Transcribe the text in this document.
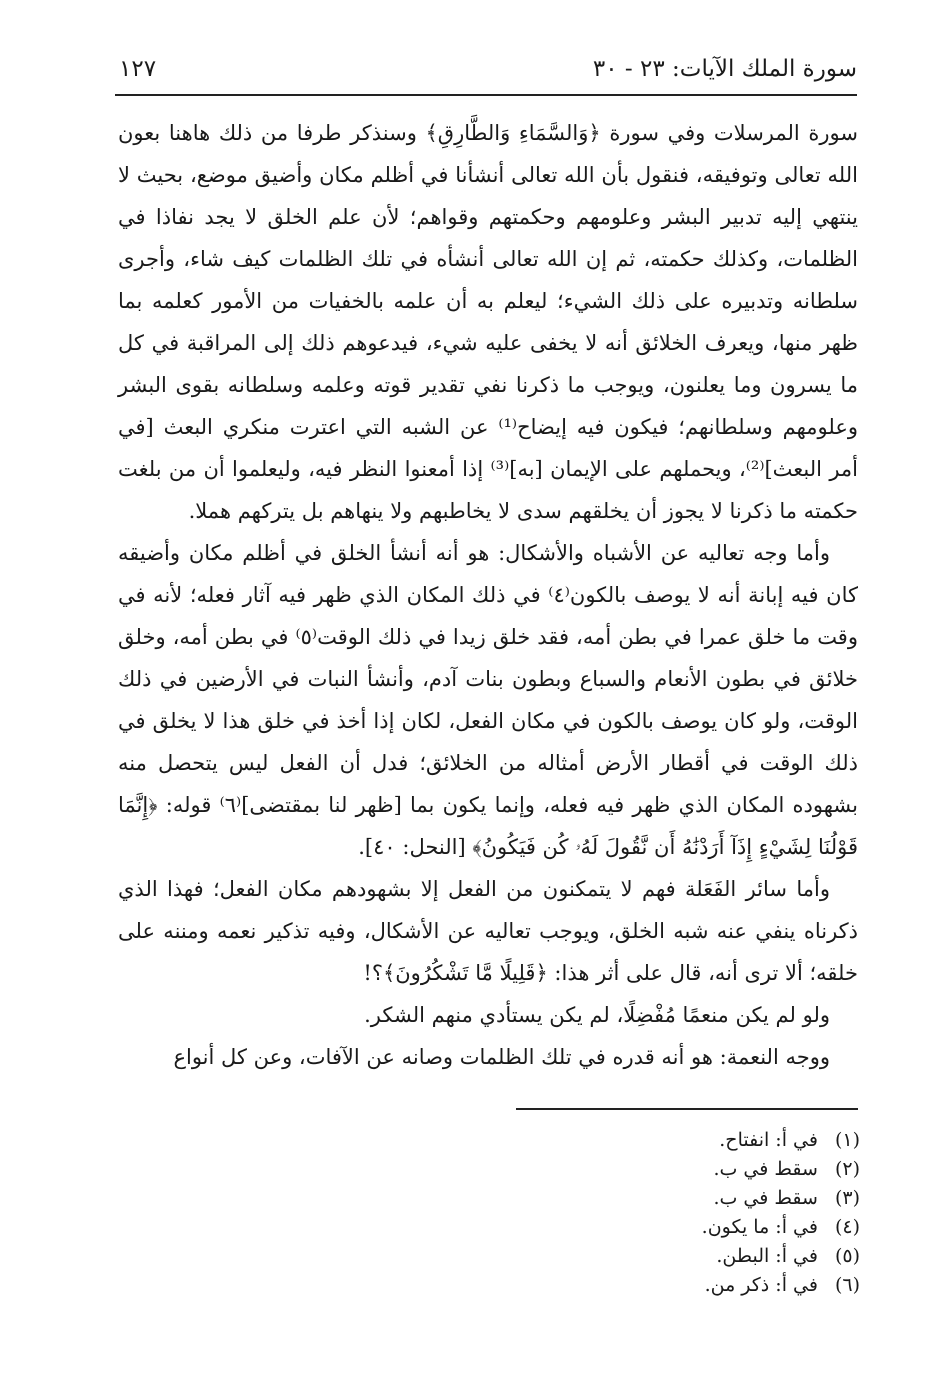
سورة الملك الآيات: ٢٣ - ٣٠
١٢٧

سورة المرسلات وفي سورة ﴿وَالسَّمَاءِ وَالطَّارِقِ﴾ وسنذكر طرفا من ذلك هاهنا بعون الله تعالى وتوفيقه، فنقول بأن الله تعالى أنشأنا في أظلم مكان وأضيق موضع، بحيث لا ينتهي إليه تدبير البشر وعلومهم وحكمتهم وقواهم؛ لأن علم الخلق لا يجد نفاذا في الظلمات، وكذلك حكمته، ثم إن الله تعالى أنشأه في تلك الظلمات كيف شاء، وأجرى سلطانه وتدبيره على ذلك الشيء؛ ليعلم به أن علمه بالخفيات من الأمور كعلمه بما ظهر منها، ويعرف الخلائق أنه لا يخفى عليه شيء، فيدعوهم ذلك إلى المراقبة في كل ما يسرون وما يعلنون، ويوجب ما ذكرنا نفي تقدير قوته وعلمه وسلطانه بقوى البشر وعلومهم وسلطانهم؛ فيكون فيه إيضاح⁽¹⁾ عن الشبه التي اعترت منكري البعث [في أمر البعث]⁽²⁾، ويحملهم على الإيمان [به]⁽³⁾ إذا أمعنوا النظر فيه، وليعلموا أن من بلغت حكمته ما ذكرنا لا يجوز أن يخلقهم سدى لا يخاطبهم ولا ينهاهم بل يتركهم هملا.

وأما وجه تعاليه عن الأشباه والأشكال: هو أنه أنشأ الخلق في أظلم مكان وأضيقه كان فيه إبانة أنه لا يوصف بالكون⁽٤⁾ في ذلك المكان الذي ظهر فيه آثار فعله؛ لأنه في وقت ما خلق عمرا في بطن أمه، فقد خلق زيدا في ذلك الوقت⁽٥⁾ في بطن أمه، وخلق خلائق في بطون الأنعام والسباع وبطون بنات آدم، وأنشأ النبات في الأرضين في ذلك الوقت، ولو كان يوصف بالكون في مكان الفعل، لكان إذا أخذ في خلق هذا لا يخلق في ذلك الوقت في أقطار الأرض أمثاله من الخلائق؛ فدل أن الفعل ليس يتحصل منه بشهوده المكان الذي ظهر فيه فعله، وإنما يكون بما [ظهر لنا بمقتضى]⁽٦⁾ قوله: ﴿إِنَّمَا قَوْلُنَا لِشَيْءٍ إِذَآ أَرَدْنَٰهُ أَن نَّقُولَ لَهُۥ كُن فَيَكُونُ﴾ [النحل: ٤٠].

وأما سائر الفَعَلة فهم لا يتمكنون من الفعل إلا بشهودهم مكان الفعل؛ فهذا الذي ذكرناه ينفي عنه شبه الخلق، ويوجب تعاليه عن الأشكال، وفيه تذكير نعمه ومننه على خلقه؛ ألا ترى أنه، قال على أثر هذا: ﴿قَلِيلًا مَّا تَشْكُرُونَ﴾؟!

ولو لم يكن منعمًا مُفْضِلًا، لم يكن يستأدي منهم الشكر.

ووجه النعمة: هو أنه قدره في تلك الظلمات وصانه عن الآفات، وعن كل أنواع

(١) في أ: انفتاح.
(٢) سقط في ب.
(٣) سقط في ب.
(٤) في أ: ما يكون.
(٥) في أ: البطن.
(٦) في أ: ذكر من.
